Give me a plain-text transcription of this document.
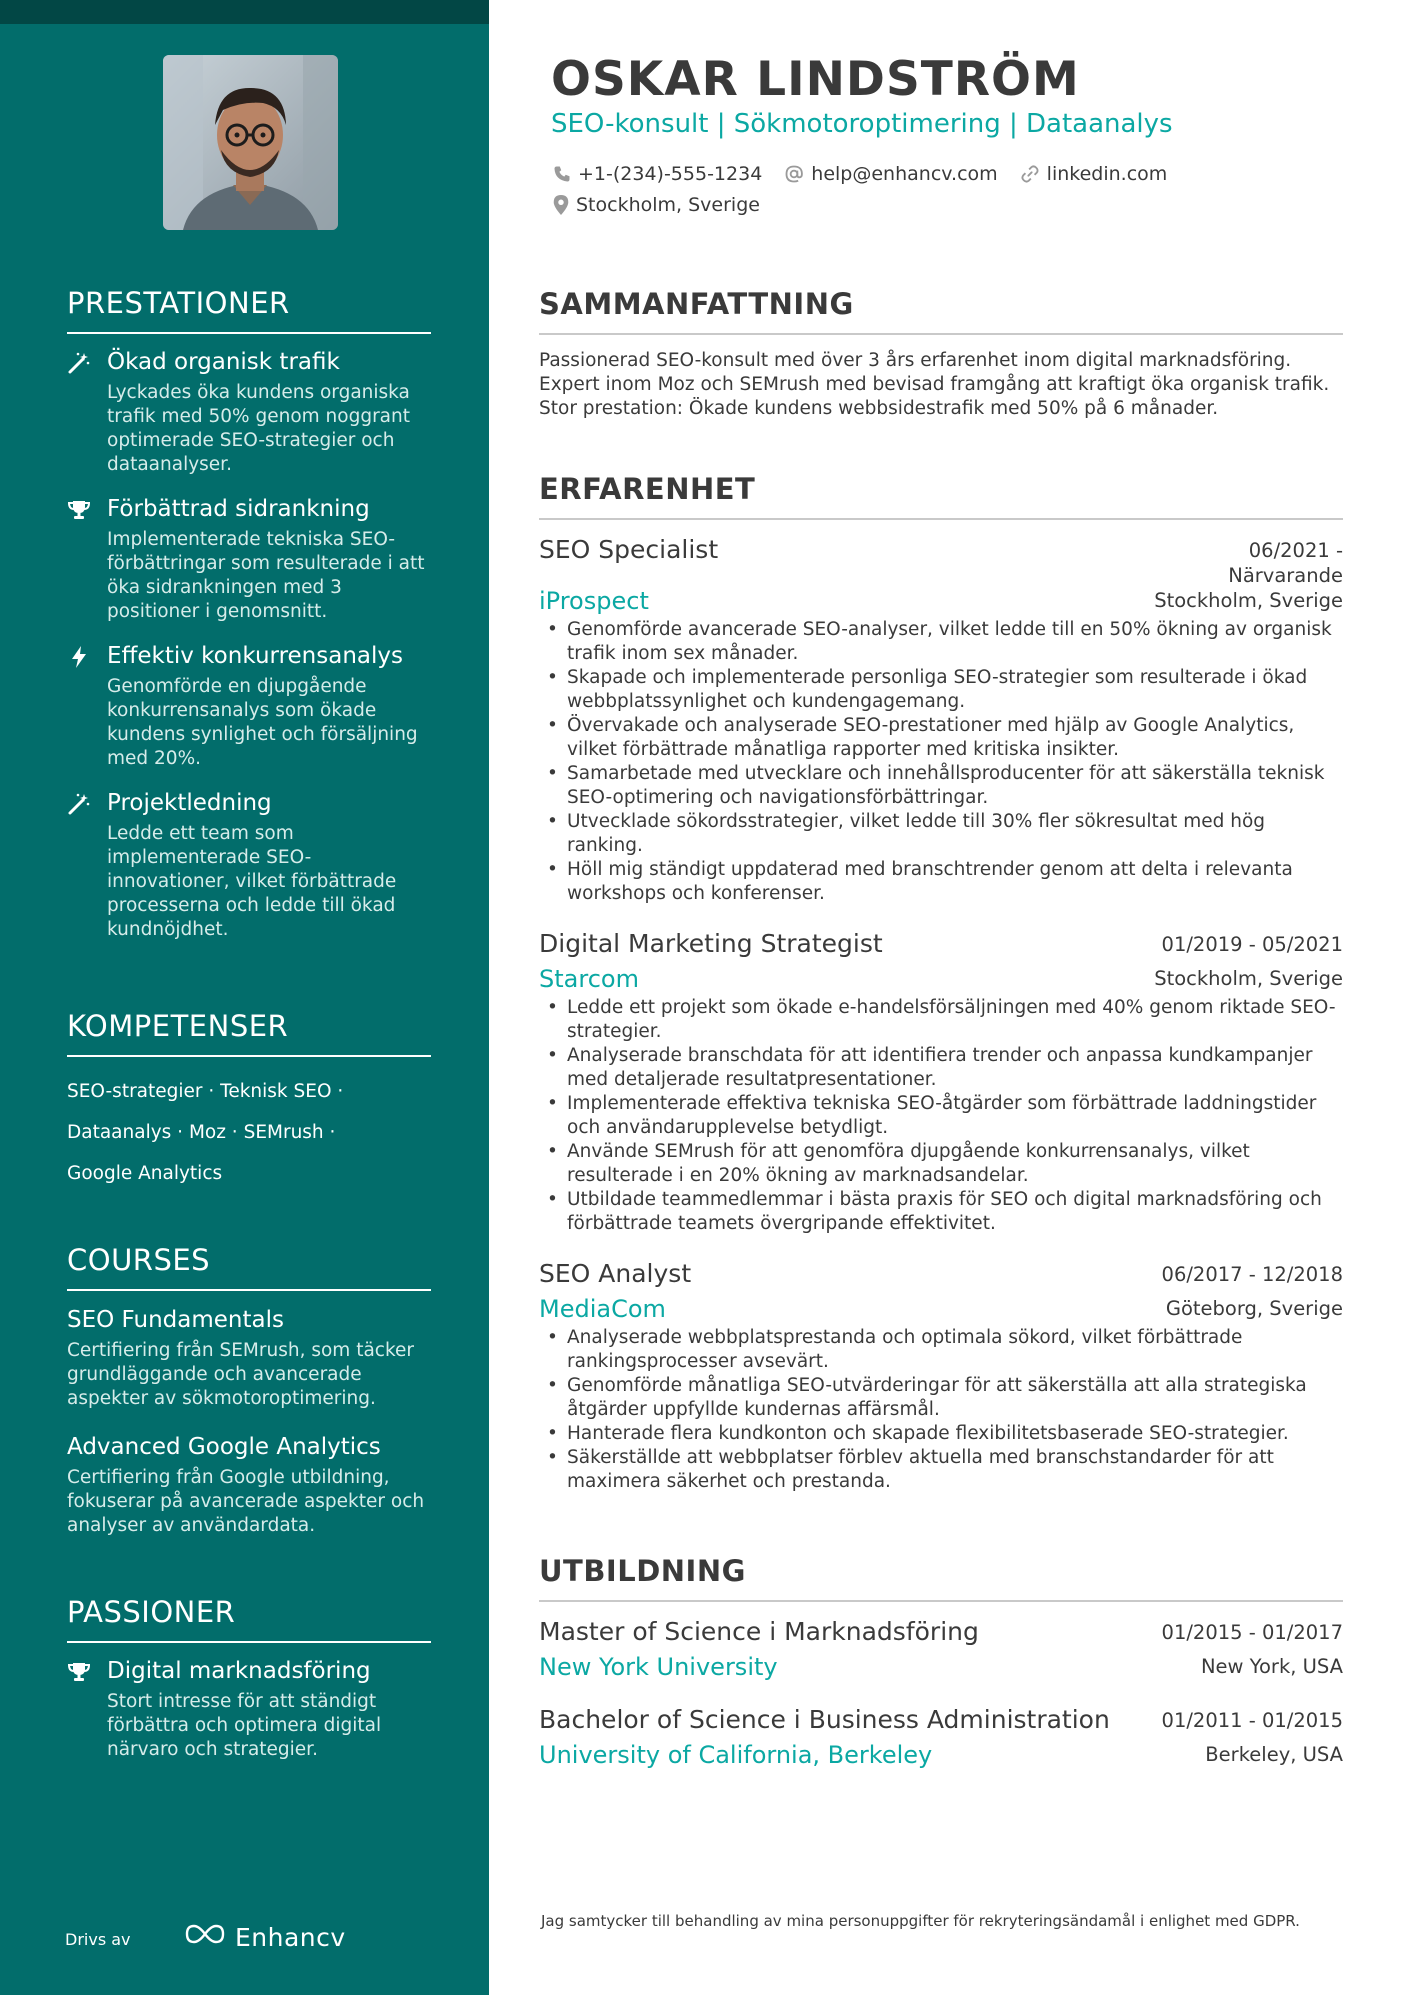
PRESTATIONER
Ökad organisk trafik
Lyckades öka kundens organiska trafik med 50% genom noggrant optimerade SEO-strategier och dataanalyser.
Förbättrad sidrankning
Implementerade tekniska SEO-förbättringar som resulterade i att öka sidrankningen med 3 positioner i genomsnitt.
Effektiv konkurrensanalys
Genomförde en djupgående konkurrensanalys som ökade kundens synlighet och försäljning med 20%.
Projektledning
Ledde ett team som implementerade SEO-innovationer, vilket förbättrade processerna och ledde till ökad kundnöjdhet.
KOMPETENSER
SEO-strategier · Teknisk SEO ·
Dataanalys · Moz · SEMrush ·
Google Analytics
COURSES
SEO Fundamentals
Certifiering från SEMrush, som täcker grundläggande och avancerade aspekter av sökmotoroptimering.
Advanced Google Analytics
Certifiering från Google utbildning, fokuserar på avancerade aspekter och analyser av användardata.
PASSIONER
Digital marknadsföring
Stort intresse för att ständigt förbättra och optimera digital närvaro och strategier.
Drivs av	Enhancv
OSKAR LINDSTRÖM
SEO-konsult | Sökmotoroptimering | Dataanalys
+1-(234)-555-1234	help@enhancv.com	linkedin.com
Stockholm, Sverige
SAMMANFATTNING

Passionerad SEO-konsult med över 3 års erfarenhet inom digital marknadsföring. Expert inom Moz och SEMrush med bevisad framgång att kraftigt öka organisk trafik. Stor prestation: Ökade kundens webbsidestrafik med 50% på 6 månader.

ERFARENHET
SEO Specialist	06/2021 - Närvarande
iProspect	Stockholm, Sverige
• Genomförde avancerade SEO-analyser, vilket ledde till en 50% ökning av organisk trafik inom sex månader.
• Skapade och implementerade personliga SEO-strategier som resulterade i ökad webbplatssynlighet och kundengagemang.
• Övervakade och analyserade SEO-prestationer med hjälp av Google Analytics, vilket förbättrade månatliga rapporter med kritiska insikter.
• Samarbetade med utvecklare och innehållsproducenter för att säkerställa teknisk SEO-optimering och navigationsförbättringar.
• Utvecklade sökordsstrategier, vilket ledde till 30% fler sökresultat med hög ranking.
• Höll mig ständigt uppdaterad med branschtrender genom att delta i relevanta workshops och konferenser.
Digital Marketing Strategist	01/2019 - 05/2021
Starcom	Stockholm, Sverige
• Ledde ett projekt som ökade e-handelsförsäljningen med 40% genom riktade SEO-strategier.
• Analyserade branschdata för att identifiera trender och anpassa kundkampanjer med detaljerade resultatpresentationer.
• Implementerade effektiva tekniska SEO-åtgärder som förbättrade laddningstider och användarupplevelse betydligt.
• Använde SEMrush för att genomföra djupgående konkurrensanalys, vilket resulterade i en 20% ökning av marknadsandelar.
• Utbildade teammedlemmar i bästa praxis för SEO och digital marknadsföring och förbättrade teamets övergripande effektivitet.
SEO Analyst	06/2017 - 12/2018
MediaCom	Göteborg, Sverige
• Analyserade webbplatsprestanda och optimala sökord, vilket förbättrade rankingsprocesser avsevärt.
• Genomförde månatliga SEO-utvärderingar för att säkerställa att alla strategiska åtgärder uppfyllde kundernas affärsmål.
• Hanterade flera kundkonton och skapade flexibilitetsbaserade SEO-strategier.
• Säkerställde att webbplatser förblev aktuella med branschstandarder för att maximera säkerhet och prestanda.
UTBILDNING
Master of Science i Marknadsföring	01/2015 - 01/2017
New York University	New York, USA
Bachelor of Science i Business Administration	01/2011 - 01/2015
University of California, Berkeley	Berkeley, USA
Jag samtycker till behandling av mina personuppgifter för rekryteringsändamål i enlighet med GDPR.
